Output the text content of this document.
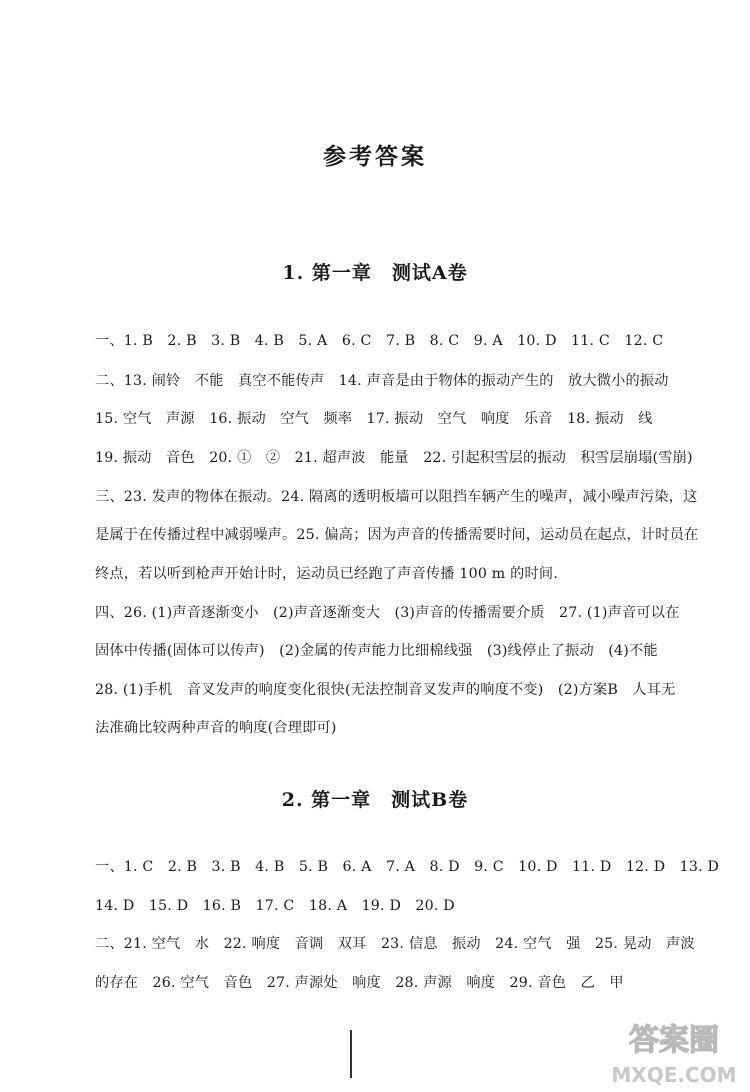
参考答案
1. 第一章　测试A卷
一、1. B　2. B　3. B　4. B　5. A　6. C　7. B　8. C　9. A　10. D　11. C　12. C
二、13. 闹铃　不能　真空不能传声　14. 声音是由于物体的振动产生的　放大微小的振动
15. 空气　声源　16. 振动　空气　频率　17. 振动　空气　响度　乐音　18. 振动　线
19. 振动　音色　20. ①　②　21. 超声波　能量　22. 引起积雪层的振动　积雪层崩塌(雪崩)
三、23. 发声的物体在振动。24. 隔离的透明板墙可以阻挡车辆产生的噪声，减小噪声污染，这
是属于在传播过程中减弱噪声。25. 偏高；因为声音的传播需要时间，运动员在起点，计时员在
终点，若以听到枪声开始计时，运动员已经跑了声音传播 100 m 的时间.
四、26. (1)声音逐渐变小　(2)声音逐渐变大　(3)声音的传播需要介质　27. (1)声音可以在
固体中传播(固体可以传声)　(2)金属的传声能力比细棉线强　(3)线停止了振动　(4)不能
28. (1)手机　音叉发声的响度变化很快(无法控制音叉发声的响度不变)　(2)方案B　人耳无
法准确比较两种声音的响度(合理即可)
2. 第一章　测试B卷
一、1. C　2. B　3. B　4. B　5. B　6. A　7. A　8. D　9. C　10. D　11. D　12. D　13. D
14. D　15. D　16. B　17. C　18. A　19. D　20. D
二、21. 空气　水　22. 响度　音调　双耳　23. 信息　振动　24. 空气　强　25. 晃动　声波
的存在　26. 空气　音色　27. 声源处　响度　28. 声源　响度　29. 音色　乙　甲
答案圈
MXQE.COM
